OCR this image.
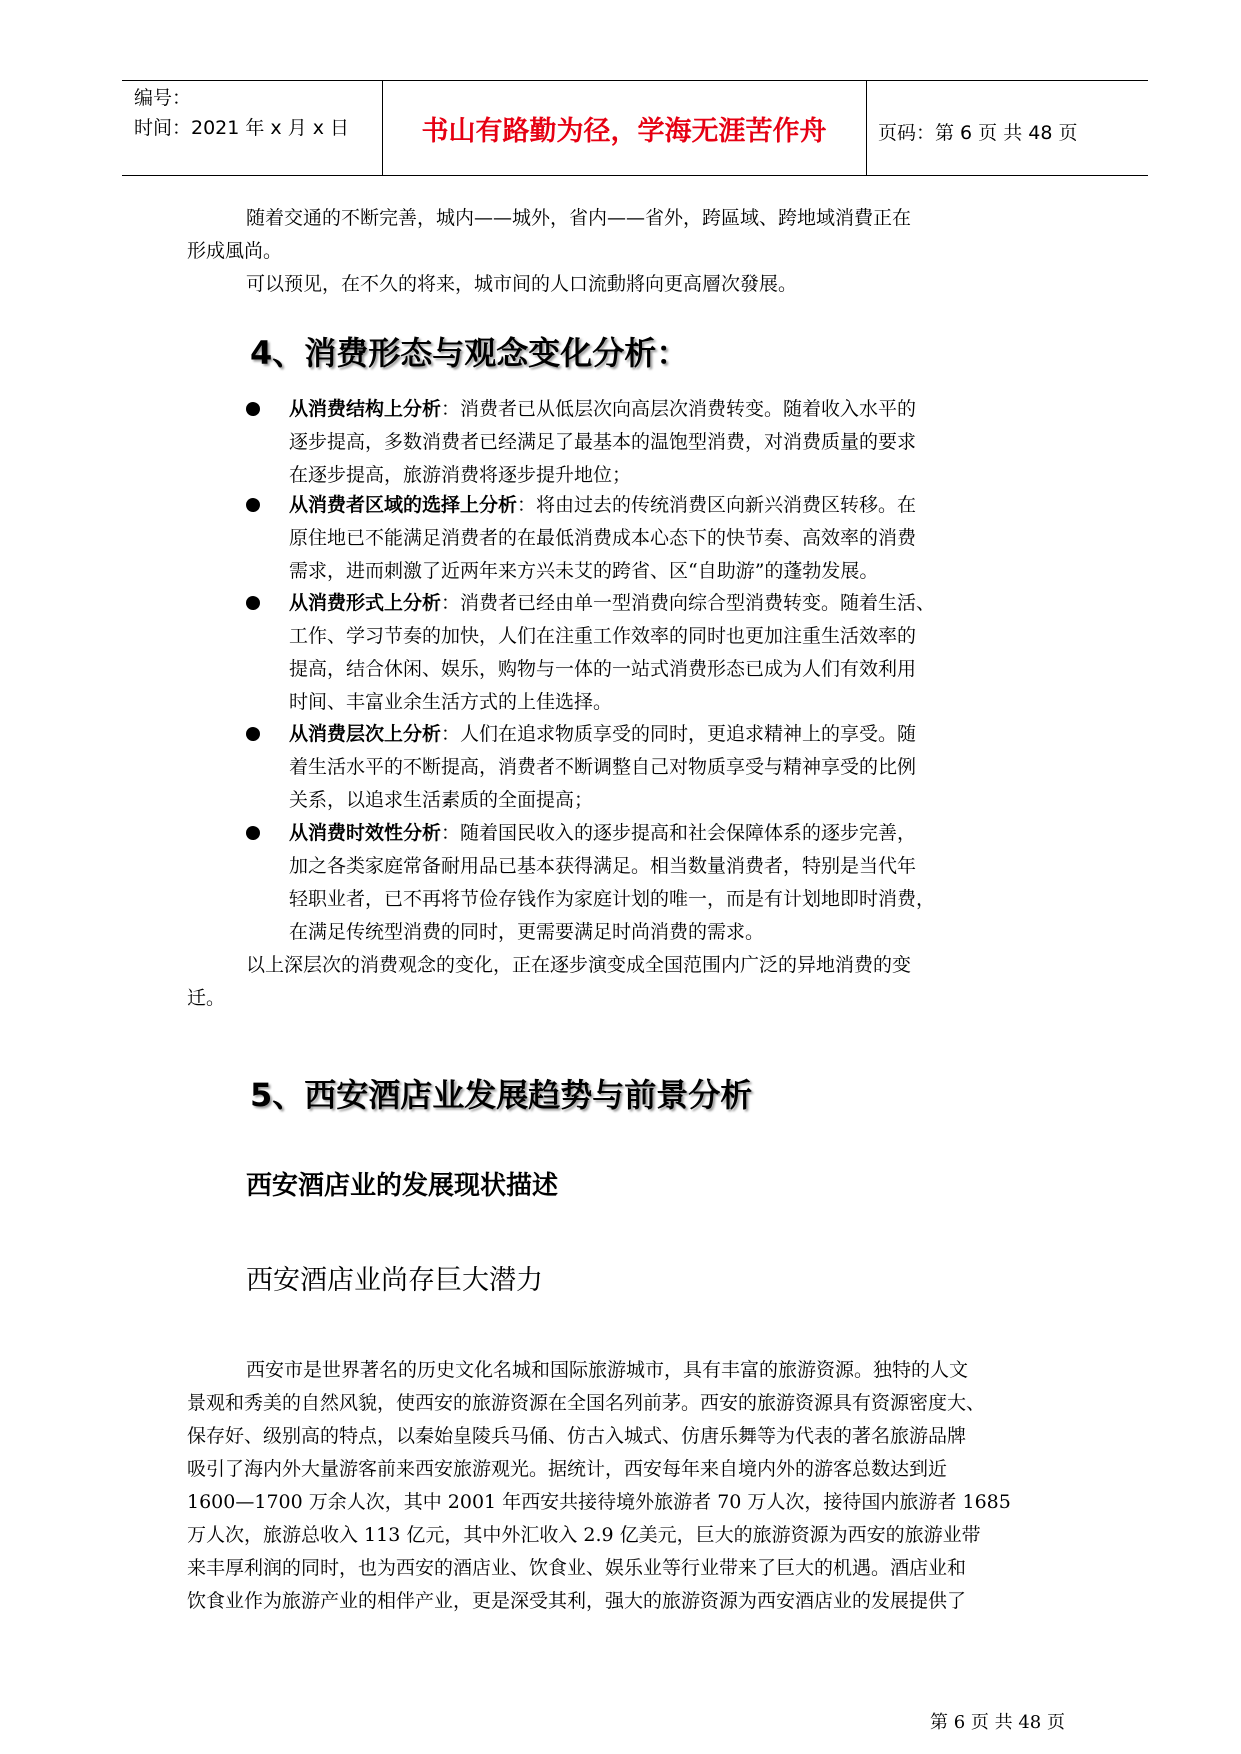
编号：
时间：2021 年 x 月 x 日	书山有路勤为径，学海无涯苦作舟	页码：第 6 页 共 48 页
随着交通的不断完善，城内——城外，省内——省外，跨區域、跨地域消費正在
形成風尚。
可以预见，在不久的将来，城市间的人口流動將向更高層次發展。
4、消费形态与观念变化分析：
从消费结构上分析：消费者已从低层次向高层次消费转变。随着收入水平的
逐步提高，多数消费者已经满足了最基本的温饱型消费，对消费质量的要求
在逐步提高，旅游消费将逐步提升地位；
从消费者区域的选择上分析：将由过去的传统消费区向新兴消费区转移。在
原住地已不能满足消费者的在最低消费成本心态下的快节奏、高效率的消费
需求，进而刺激了近两年来方兴未艾的跨省、区“自助游”的蓬勃发展。
从消费形式上分析：消费者已经由单一型消费向综合型消费转变。随着生活、
工作、学习节奏的加快，人们在注重工作效率的同时也更加注重生活效率的
提高，结合休闲、娱乐，购物与一体的一站式消费形态已成为人们有效利用
时间、丰富业余生活方式的上佳选择。
从消费层次上分析：人们在追求物质享受的同时，更追求精神上的享受。随
着生活水平的不断提高，消费者不断调整自己对物质享受与精神享受的比例
关系，以追求生活素质的全面提高；
从消费时效性分析：随着国民收入的逐步提高和社会保障体系的逐步完善，
加之各类家庭常备耐用品已基本获得满足。相当数量消费者，特别是当代年
轻职业者，已不再将节俭存钱作为家庭计划的唯一，而是有计划地即时消费，
在满足传统型消费的同时，更需要满足时尚消费的需求。
以上深层次的消费观念的变化，正在逐步演变成全国范围内广泛的异地消费的变
迁。
5、西安酒店业发展趋势与前景分析
西安酒店业的发展现状描述
西安酒店业尚存巨大潜力
西安市是世界著名的历史文化名城和国际旅游城市，具有丰富的旅游资源。独特的人文
景观和秀美的自然风貌，使西安的旅游资源在全国名列前茅。西安的旅游资源具有资源密度大、
保存好、级别高的特点，以秦始皇陵兵马俑、仿古入城式、仿唐乐舞等为代表的著名旅游品牌
吸引了海内外大量游客前来西安旅游观光。据统计，西安每年来自境内外的游客总数达到近
1600—1700 万余人次，其中 2001 年西安共接待境外旅游者 70 万人次，接待国内旅游者 1685
万人次，旅游总收入 113 亿元，其中外汇收入 2.9 亿美元，巨大的旅游资源为西安的旅游业带
来丰厚利润的同时，也为西安的酒店业、饮食业、娱乐业等行业带来了巨大的机遇。酒店业和
饮食业作为旅游产业的相伴产业，更是深受其利，强大的旅游资源为西安酒店业的发展提供了
第 6 页 共 48 页
